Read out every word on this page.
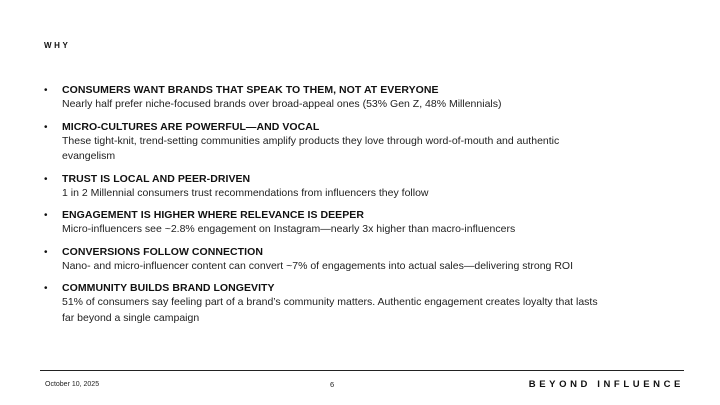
WHY
• CONSUMERS WANT BRANDS THAT SPEAK TO THEM, NOT AT EVERYONE
Nearly half prefer niche-focused brands over broad-appeal ones (53% Gen Z, 48% Millennials)
• MICRO-CULTURES ARE POWERFUL—AND VOCAL
These tight-knit, trend-setting communities amplify products they love through word-of-mouth and authentic evangelism
• TRUST IS LOCAL AND PEER-DRIVEN
1 in 2 Millennial consumers trust recommendations from influencers they follow
• ENGAGEMENT IS HIGHER WHERE RELEVANCE IS DEEPER
Micro-influencers see ~2.8% engagement on Instagram—nearly 3x higher than macro-influencers
• CONVERSIONS FOLLOW CONNECTION
Nano- and micro-influencer content can convert ~7% of engagements into actual sales—delivering strong ROI
• COMMUNITY BUILDS BRAND LONGEVITY
51% of consumers say feeling part of a brand’s community matters. Authentic engagement creates loyalty that lasts far beyond a single campaign
October 10, 2025	6	BEYOND INFLUENCE
